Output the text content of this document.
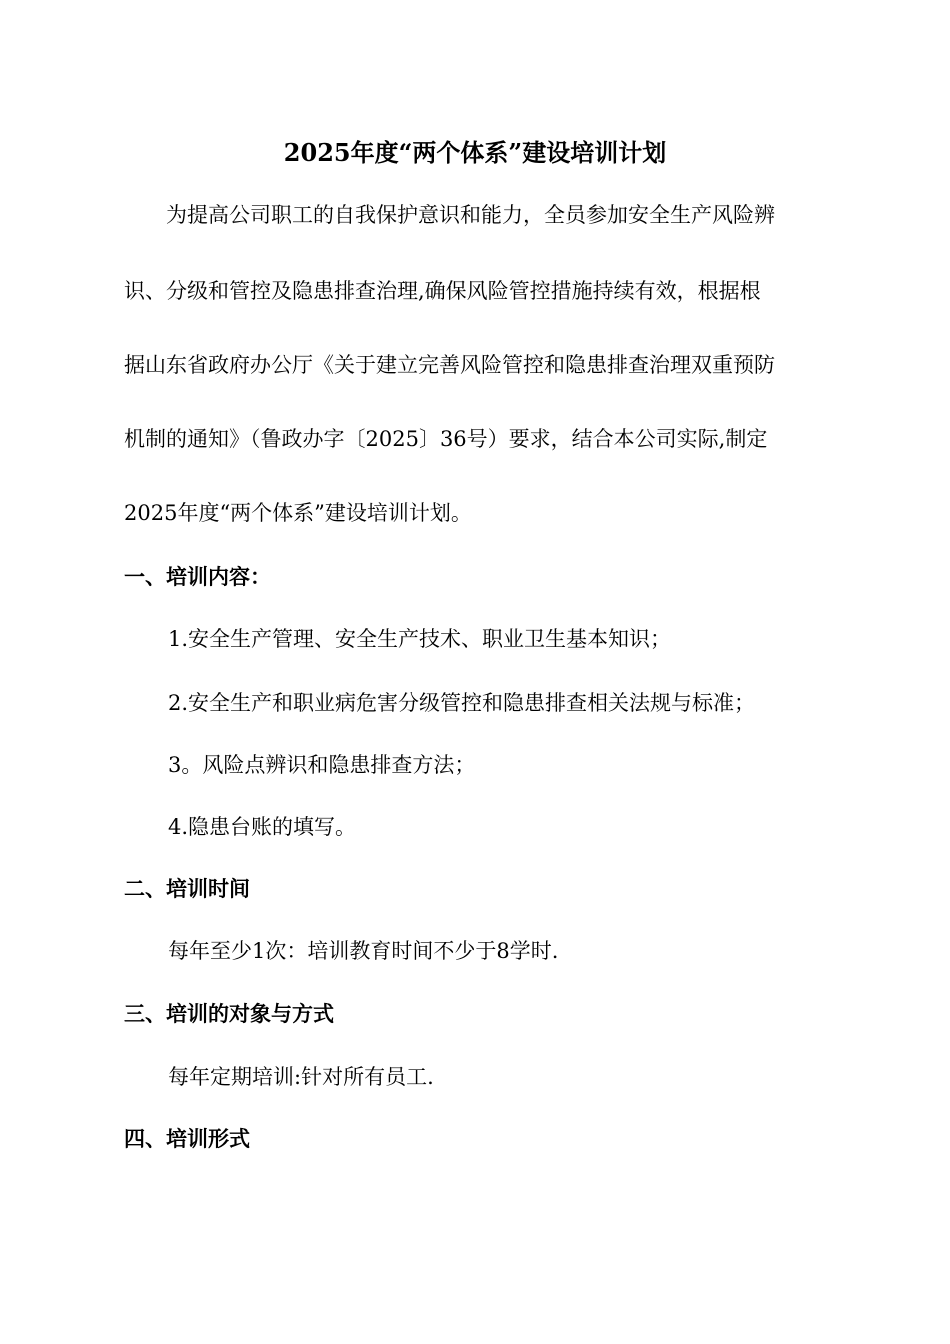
2025年度“两个体系”建设培训计划

为提高公司职工的自我保护意识和能力，全员参加安全生产风险辨

识、分级和管控及隐患排查治理,确保风险管控措施持续有效，根据根

据山东省政府办公厅《关于建立完善风险管控和隐患排查治理双重预防

机制的通知》（鲁政办字〔2025〕36号）要求，结合本公司实际,制定

2025年度“两个体系”建设培训计划。

一、培训内容：

1.安全生产管理、安全生产技术、职业卫生基本知识；

2.安全生产和职业病危害分级管控和隐患排查相关法规与标准；

3。风险点辨识和隐患排查方法；

4.隐患台账的填写。

二、培训时间

每年至少1次：培训教育时间不少于8学时.

三、培训的对象与方式

每年定期培训:针对所有员工.

四、培训形式
